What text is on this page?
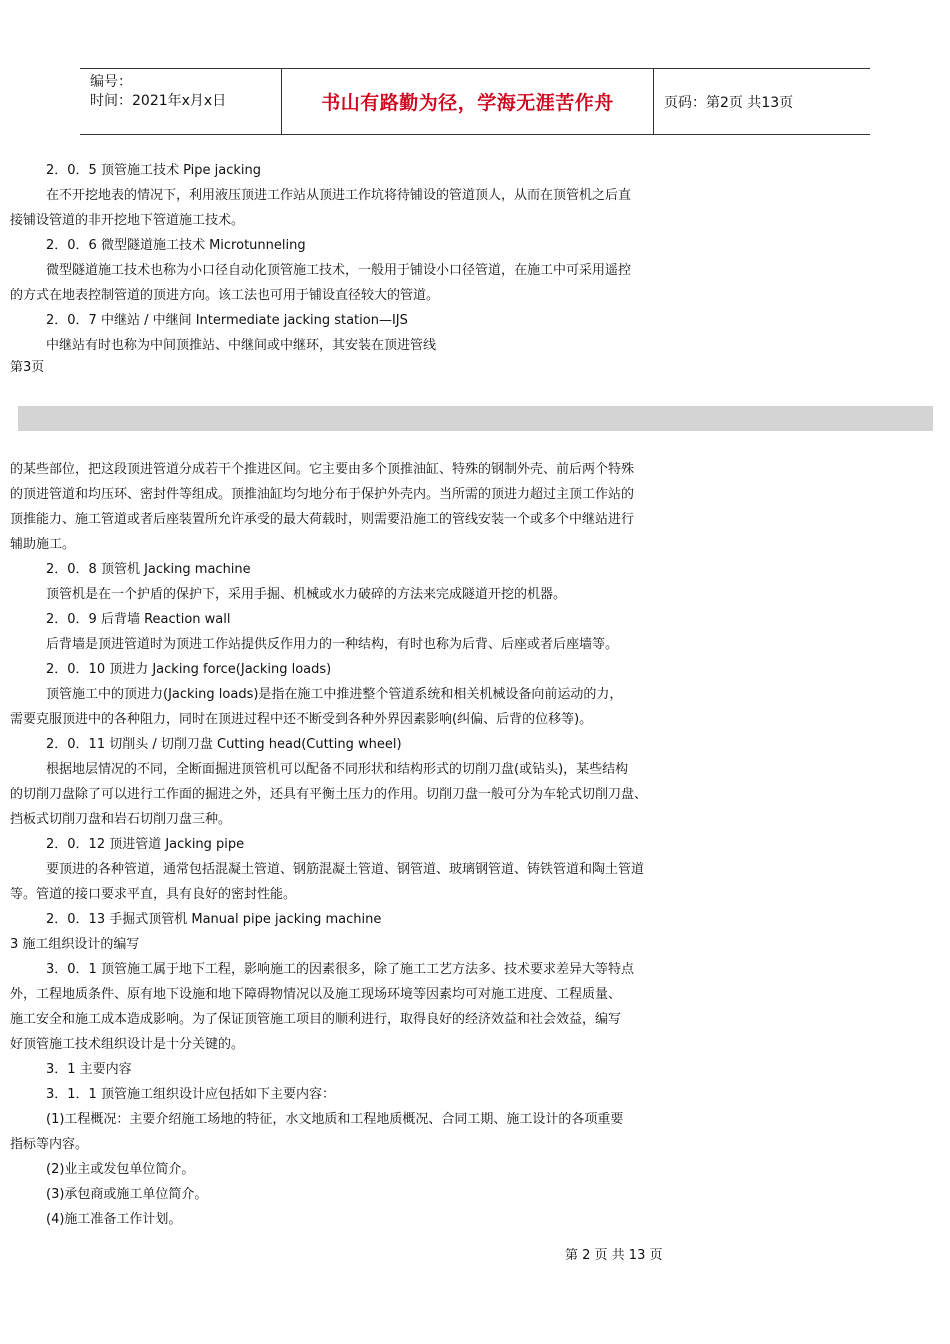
编号：
时间：2021年x月x日	书山有路勤为径，学海无涯苦作舟	页码：第2页 共13页
2．0．5 顶管施工技术 Pipe jacking
在不开挖地表的情况下，利用液压顶进工作站从顶进工作坑将待铺设的管道顶人，从而在顶管机之后直
接铺设管道的非开挖地下管道施工技术。
2．0．6 微型隧道施工技术 Microtunneling
微型隧道施工技术也称为小口径自动化顶管施工技术，一般用于铺设小口径管道，在施工中可采用遥控
的方式在地表控制管道的顶进方向。该工法也可用于铺设直径较大的管道。
2．0．7 中继站 / 中继间 Intermediate jacking station—IJS
中继站有时也称为中间顶推站、中继间或中继环，其安装在顶进管线
第3页
的某些部位，把这段顶进管道分成若干个推进区间。它主要由多个顶推油缸、特殊的钢制外壳、前后两个特殊
的顶进管道和均压环、密封件等组成。顶推油缸均匀地分布于保护外壳内。当所需的顶进力超过主顶工作站的
顶推能力、施工管道或者后座装置所允许承受的最大荷载时，则需要沿施工的管线安装一个或多个中继站进行
辅助施工。
2．0．8 顶管机 Jacking machine
顶管机是在一个护盾的保护下，采用手掘、机械或水力破碎的方法来完成隧道开挖的机器。
2．0．9 后背墙 Reaction wall
后背墙是顶进管道时为顶进工作站提供反作用力的一种结构，有时也称为后背、后座或者后座墙等。
2．0．10 顶进力 Jacking force(Jacking loads)
顶管施工中的顶进力(Jacking loads)是指在施工中推进整个管道系统和相关机械设备向前运动的力，
需要克服顶进中的各种阻力，同时在顶进过程中还不断受到各种外界因素影响(纠偏、后背的位移等)。
2．0．11 切削头 / 切削刀盘 Cutting head(Cutting wheel)
根据地层情况的不同，全断面掘进顶管机可以配备不同形状和结构形式的切削刀盘(或钻头)，某些结构
的切削刀盘除了可以进行工作面的掘进之外，还具有平衡土压力的作用。切削刀盘一般可分为车轮式切削刀盘、
挡板式切削刀盘和岩石切削刀盘三种。
2．0．12 顶进管道 Jacking pipe
要顶进的各种管道，通常包括混凝土管道、钢筋混凝土管道、钢管道、玻璃钢管道、铸铁管道和陶土管道
等。管道的接口要求平直，具有良好的密封性能。
2．0．13 手掘式顶管机 Manual pipe jacking machine
3 施工组织设计的编写
3．0．1 顶管施工属于地下工程，影响施工的因素很多，除了施工工艺方法多、技术要求差异大等特点
外，工程地质条件、原有地下设施和地下障碍物情况以及施工现场环境等因素均可对施工进度、工程质量、
施工安全和施工成本造成影响。为了保证顶管施工项目的顺利进行，取得良好的经济效益和社会效益，编写
好顶管施工技术组织设计是十分关键的。
3．1 主要内容
3．1．1 顶管施工组织设计应包括如下主要内容：
(1)工程概况：主要介绍施工场地的特征，水文地质和工程地质概况、合同工期、施工设计的各项重要
指标等内容。
(2)业主或发包单位简介。
(3)承包商或施工单位简介。
(4)施工准备工作计划。
第 2 页 共 13 页
